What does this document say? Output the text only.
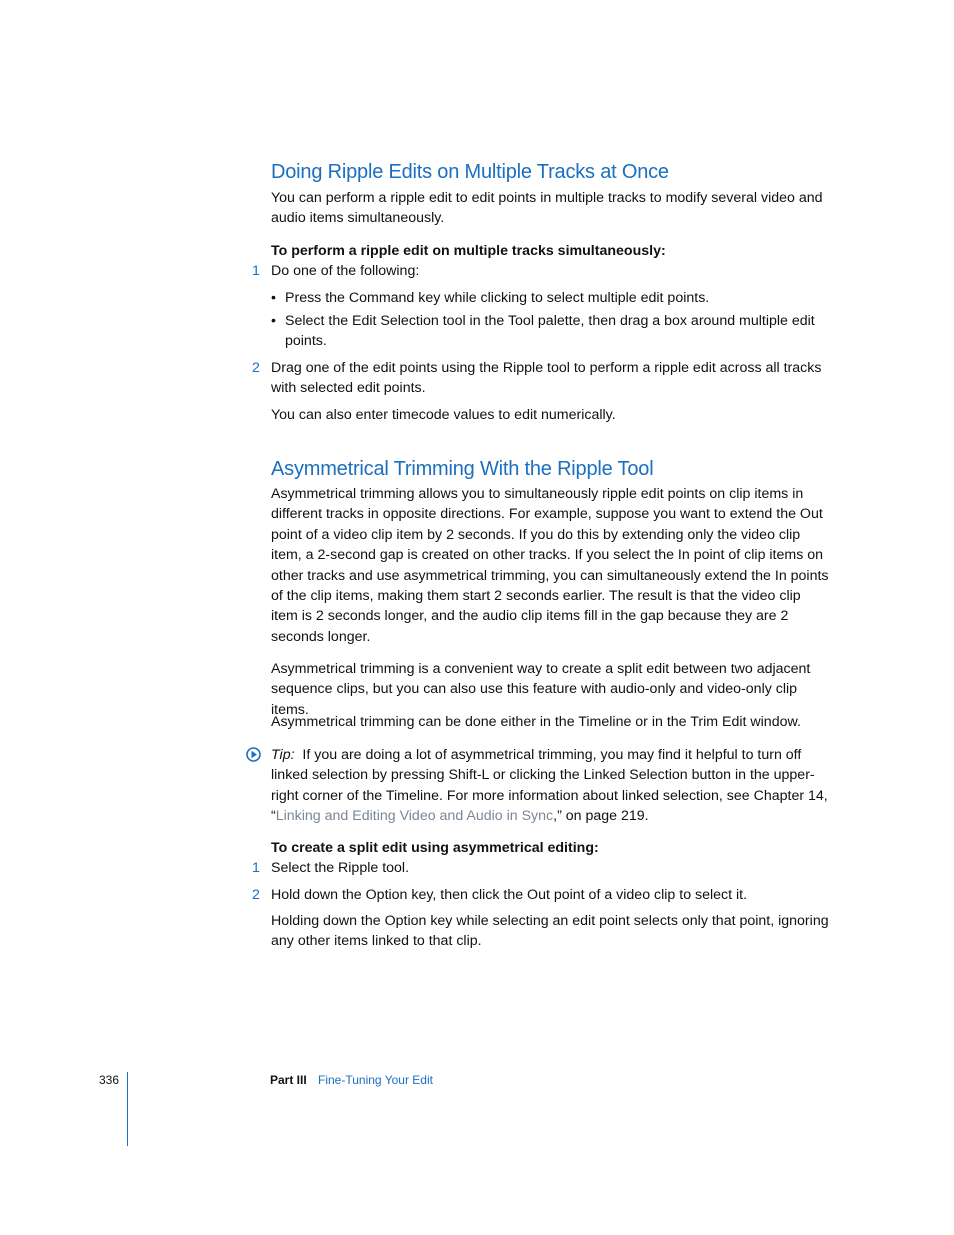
Doing Ripple Edits on Multiple Tracks at Once
You can perform a ripple edit to edit points in multiple tracks to modify several video and audio items simultaneously.
To perform a ripple edit on multiple tracks simultaneously:
1 Do one of the following:
• Press the Command key while clicking to select multiple edit points.
• Select the Edit Selection tool in the Tool palette, then drag a box around multiple edit points.
2 Drag one of the edit points using the Ripple tool to perform a ripple edit across all tracks with selected edit points.
You can also enter timecode values to edit numerically.
Asymmetrical Trimming With the Ripple Tool
Asymmetrical trimming allows you to simultaneously ripple edit points on clip items in different tracks in opposite directions. For example, suppose you want to extend the Out point of a video clip item by 2 seconds. If you do this by extending only the video clip item, a 2-second gap is created on other tracks. If you select the In point of clip items on other tracks and use asymmetrical trimming, you can simultaneously extend the In points of the clip items, making them start 2 seconds earlier. The result is that the video clip item is 2 seconds longer, and the audio clip items fill in the gap because they are 2 seconds longer.
Asymmetrical trimming is a convenient way to create a split edit between two adjacent sequence clips, but you can also use this feature with audio-only and video-only clip items.
Asymmetrical trimming can be done either in the Timeline or in the Trim Edit window.
Tip: If you are doing a lot of asymmetrical trimming, you may find it helpful to turn off linked selection by pressing Shift-L or clicking the Linked Selection button in the upper-right corner of the Timeline. For more information about linked selection, see Chapter 14, “Linking and Editing Video and Audio in Sync,” on page 219.
To create a split edit using asymmetrical editing:
1 Select the Ripple tool.
2 Hold down the Option key, then click the Out point of a video clip to select it.
Holding down the Option key while selecting an edit point selects only that point, ignoring any other items linked to that clip.
336	Part III Fine-Tuning Your Edit
